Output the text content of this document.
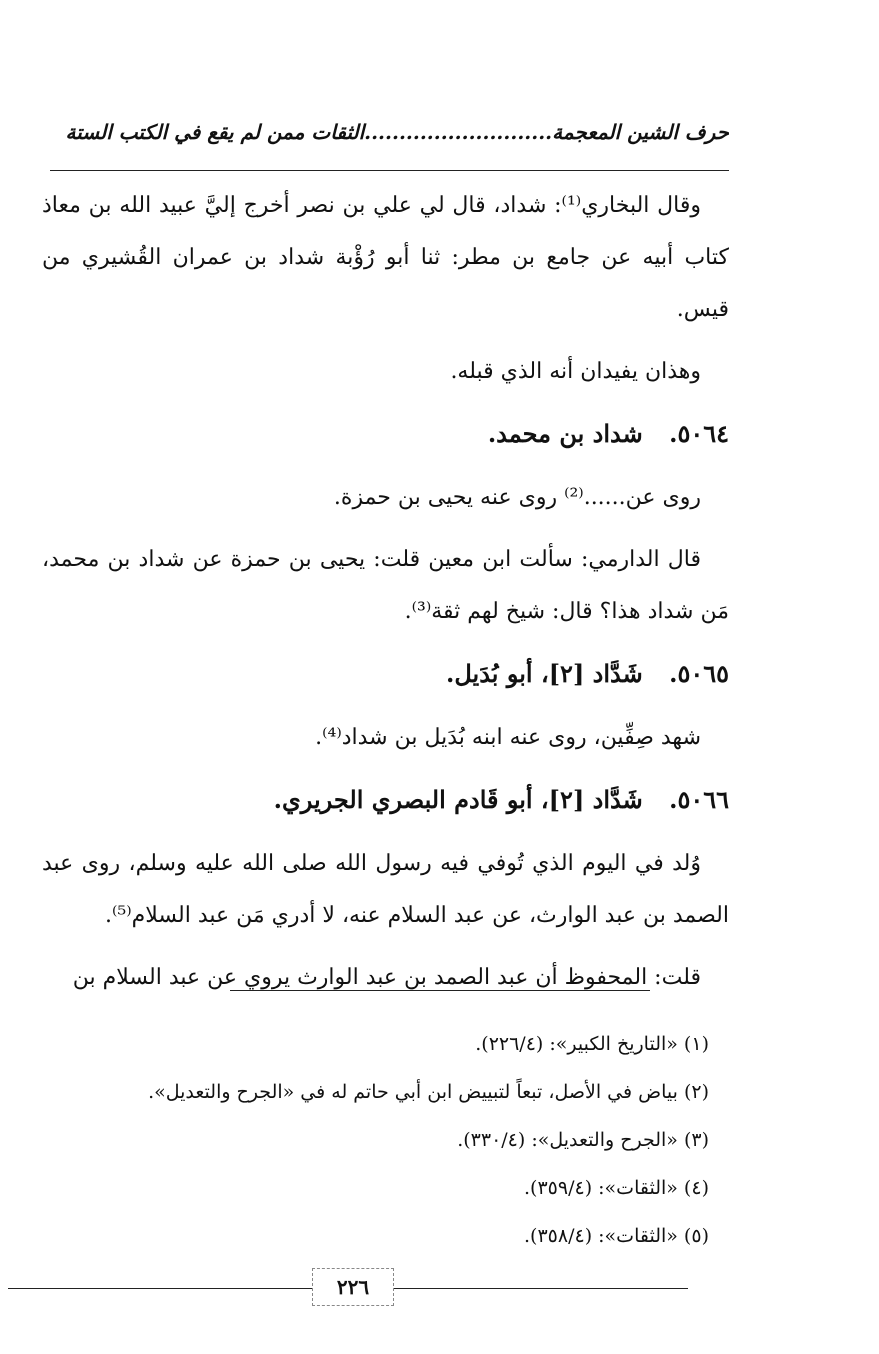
حرف الشين المعجمة...........................الثقات ممن لم يقع في الكتب الستة

وقال البخاري⁽¹⁾: شداد، قال لي علي بن نصر أخرج إليَّ عبيد الله بن معاذ كتاب أبيه عن جامع بن مطر: ثنا أبو رُؤْبة شداد بن عمران القُشيري من قيس.

وهذان يفيدان أنه الذي قبله.

٥٠٦٤. شداد بن محمد.

روى عن......⁽²⁾ روى عنه يحيى بن حمزة.

قال الدارمي: سألت ابن معين قلت: يحيى بن حمزة عن شداد بن محمد، مَن شداد هذا؟ قال: شيخ لهم ثقة⁽³⁾.

٥٠٦٥. شَدَّاد [٢]، أبو بُدَيل.

شهد صِفِّين، روى عنه ابنه بُدَيل بن شداد⁽⁴⁾.

٥٠٦٦. شَدَّاد [٢]، أبو قَادم البصري الجريري.

وُلد في اليوم الذي تُوفي فيه رسول الله صلى الله عليه وسلم، روى عبد الصمد بن عبد الوارث، عن عبد السلام عنه، لا أدري مَن عبد السلام⁽⁵⁾.

قلت: المحفوظ أن عبد الصمد بن عبد الوارث يروي عن عبد السلام بن

(١) «التاريخ الكبير»: (٢٢٦/٤).
(٢) بياض في الأصل، تبعاً لتبييض ابن أبي حاتم له في «الجرح والتعديل».
(٣) «الجرح والتعديل»: (٣٣٠/٤).
(٤) «الثقات»: (٣٥٩/٤).
(٥) «الثقات»: (٣٥٨/٤).
٢٢٦
